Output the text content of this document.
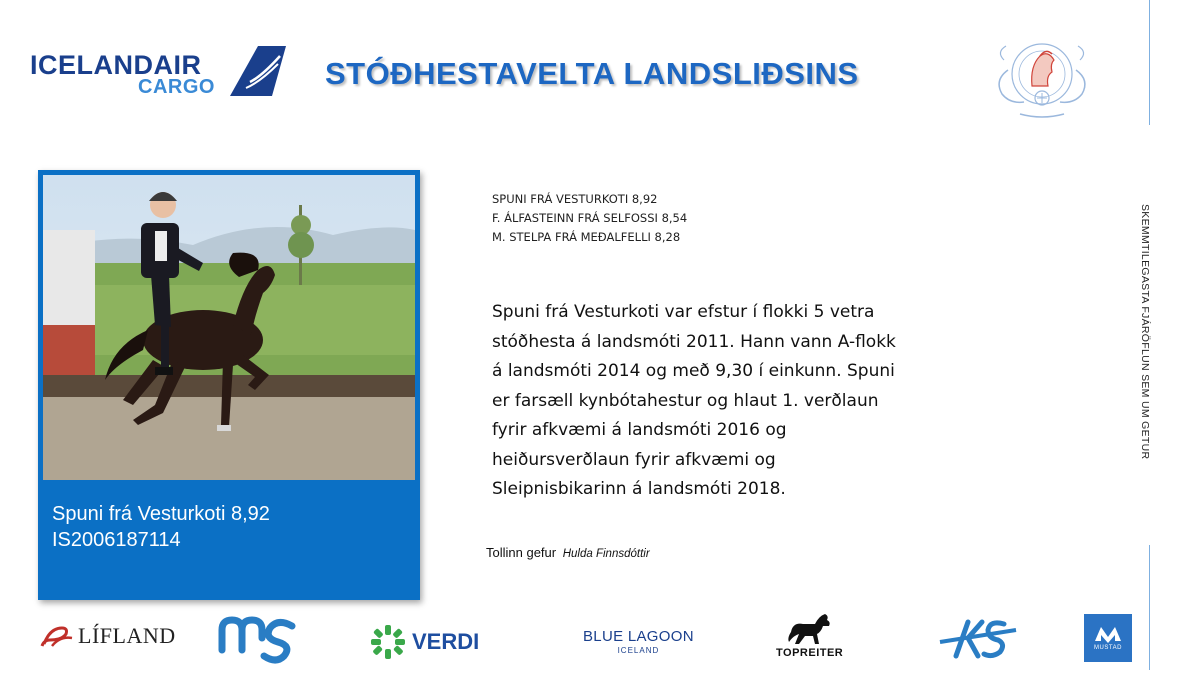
ICELANDAIR
CARGO	STÓÐHESTAVELTA LANDSLIÐSINS
SKEMMTILEGASTA FJÁRÖFLUN SEM UM GETUR
Spuni frá Vesturkoti 8,92
IS2006187114
SPUNI FRÁ VESTURKOTI 8,92
F. ÁLFASTEINN FRÁ SELFOSSI 8,54
M. STELPA FRÁ MEÐALFELLI 8,28
Spuni frá Vesturkoti var efstur í flokki 5 vetra
stóðhesta á landsmóti 2011. Hann vann A-flokk
á landsmóti 2014 og með 9,30 í einkunn. Spuni
er farsæll kynbótahestur og hlaut 1. verðlaun
fyrir afkvæmi á landsmóti 2016 og
heiðursverðlaun fyrir afkvæmi og
Sleipnisbikarinn á landsmóti 2018.
Tollinn gefur Hulda Finnsdóttir
LÍFLAND	VERDI	BLUE LAGOON
ICELAND	TOPREITER	MUSTAD
